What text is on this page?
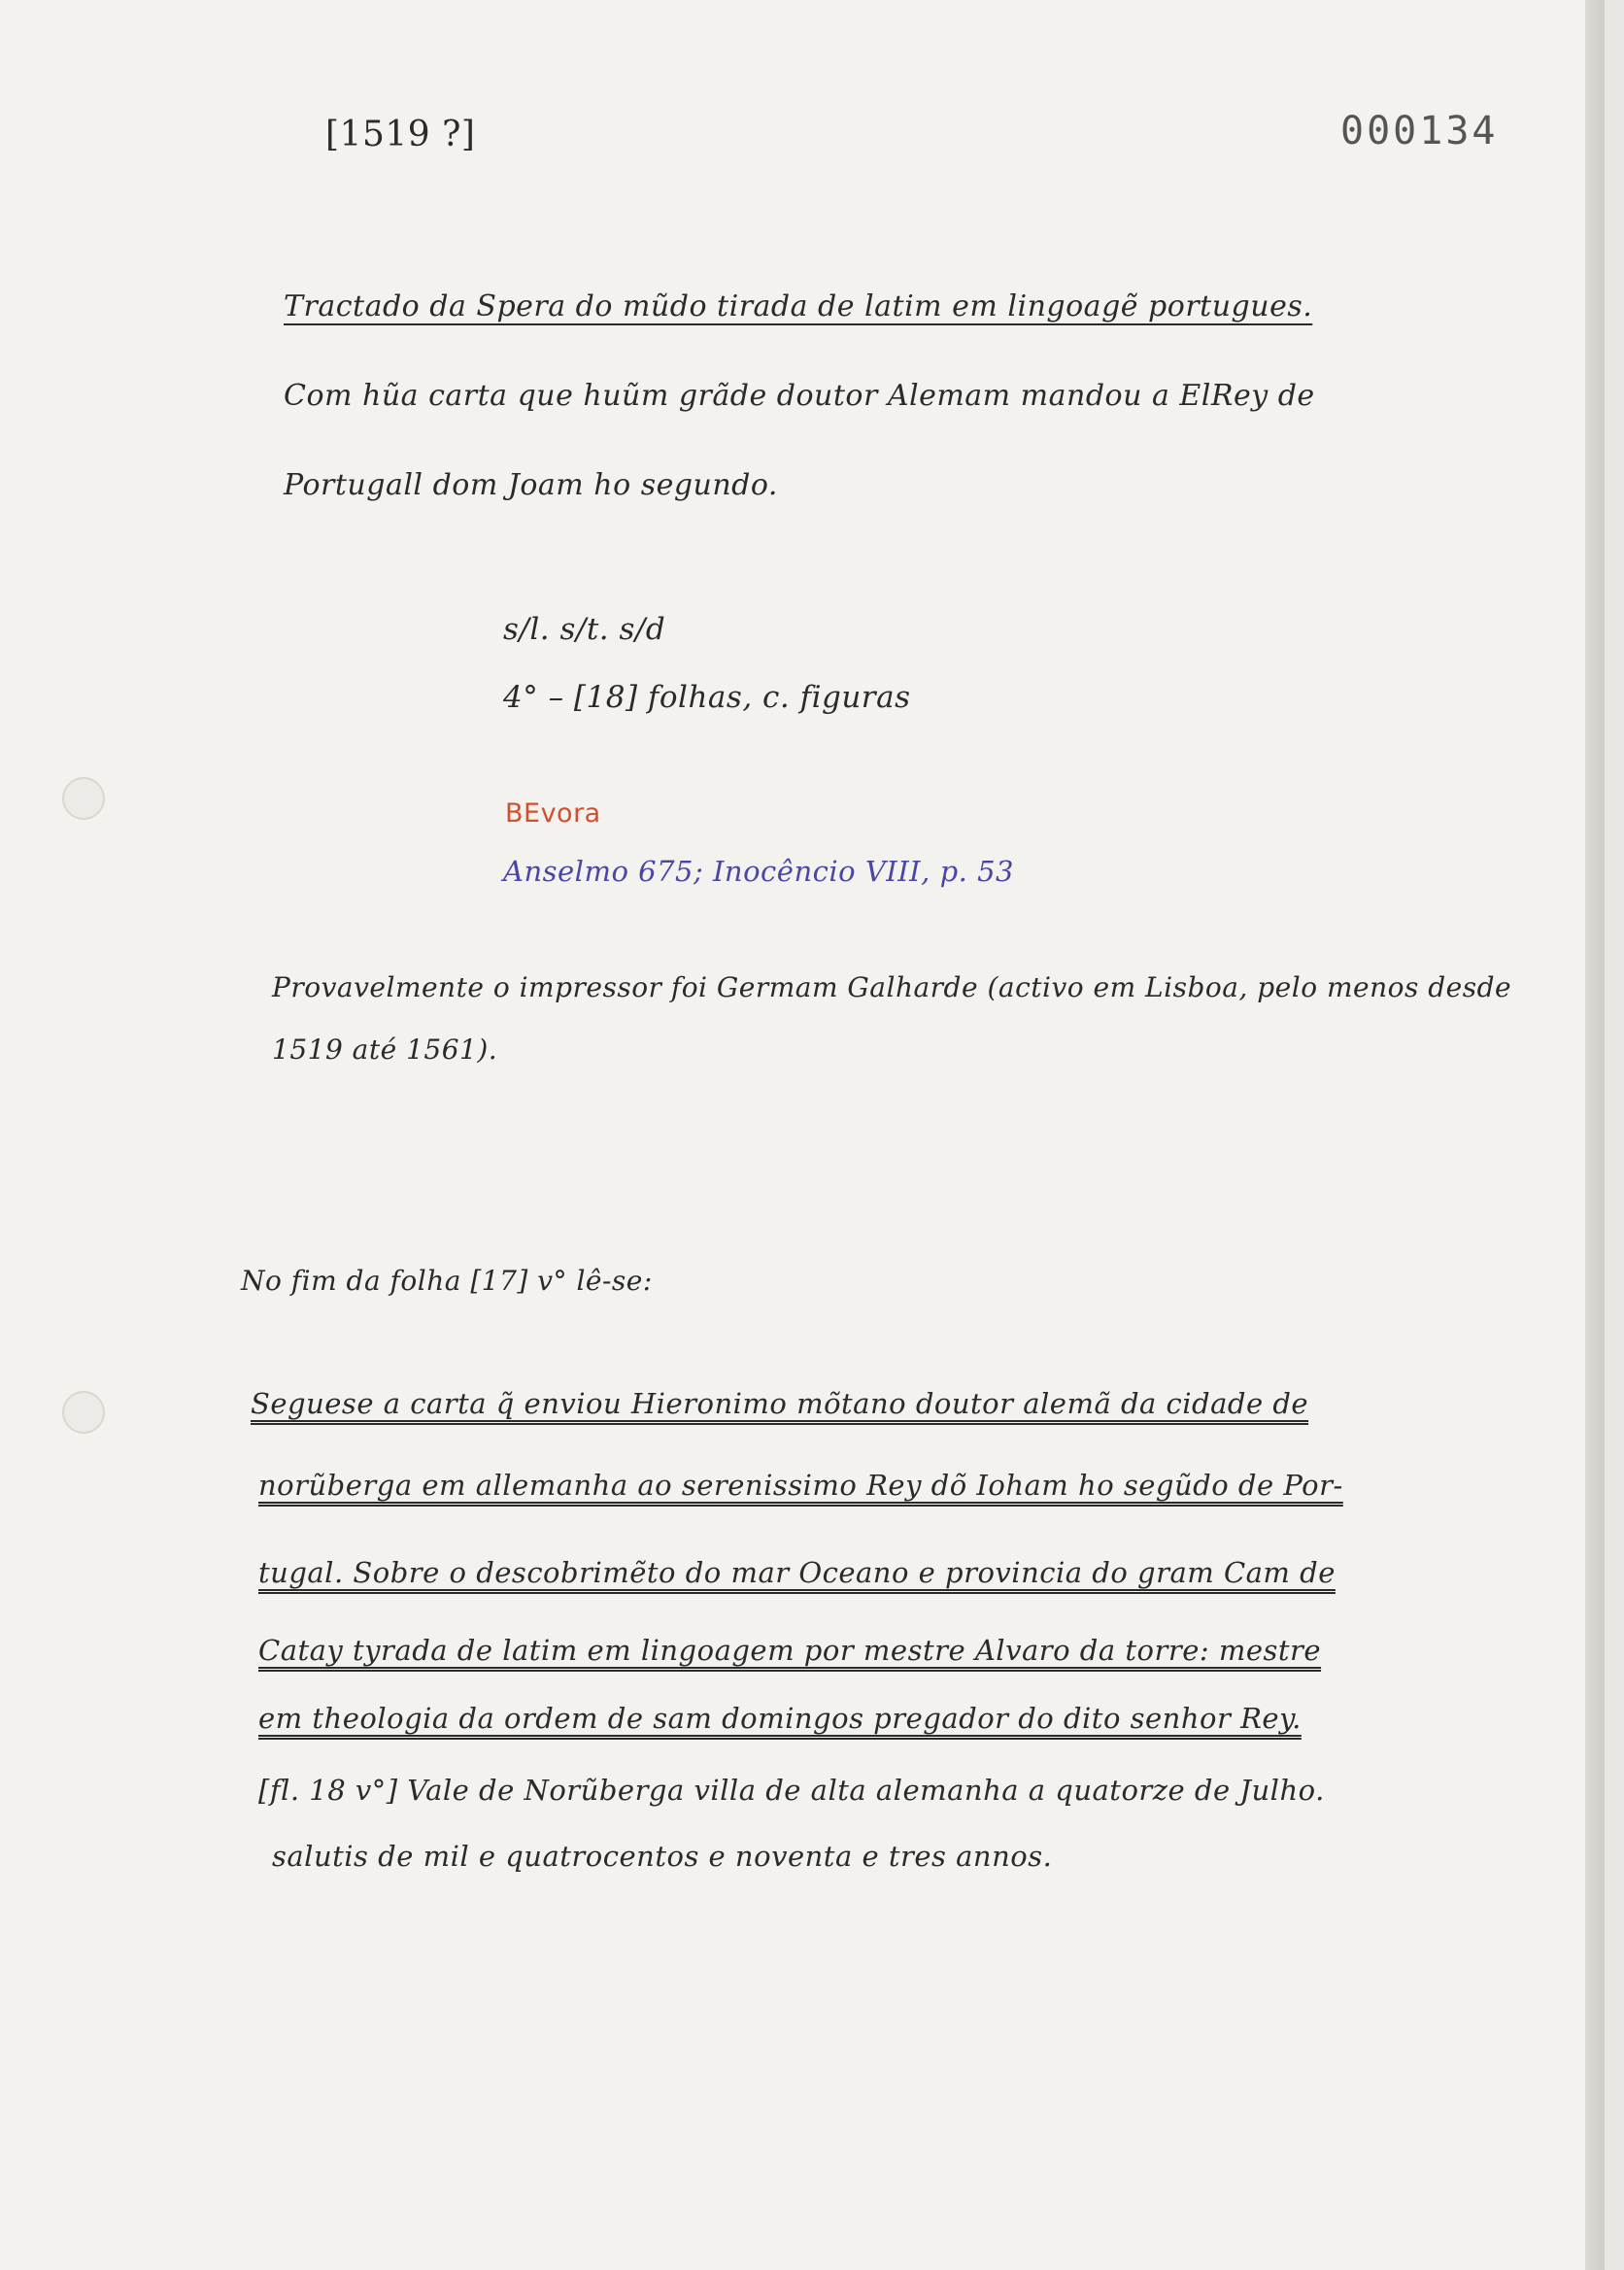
[1519 ?]	000134
Tractado da Spera do mũdo tirada de latim em lingoagẽ portugues.
Com hũa carta que huũm grãde doutor Alemam mandou a ElRey de
Portugall dom Joam ho segundo.
s/l. s/t. s/d
4° – [18] folhas, c. figuras
BEvora
Anselmo 675; Inocêncio VIII, p. 53
Provavelmente o impressor foi Germam Galharde (activo em Lisboa, pelo menos desde
1519 até 1561).
No fim da folha [17] v° lê-se:
Seguese a carta q̃ enviou Hieronimo mõtano doutor alemã da cidade de
norũberga em allemanha ao serenissimo Rey dõ Ioham ho segũdo de Por-
tugal. Sobre o descobrimẽto do mar Oceano e provincia do gram Cam de
Catay tyrada de latim em lingoagem por mestre Alvaro da torre: mestre
em theologia da ordem de sam domingos pregador do dito senhor Rey.
[fl. 18 v°] Vale de Norũberga villa de alta alemanha a quatorze de Julho.
salutis de mil e quatrocentos e noventa e tres annos.
